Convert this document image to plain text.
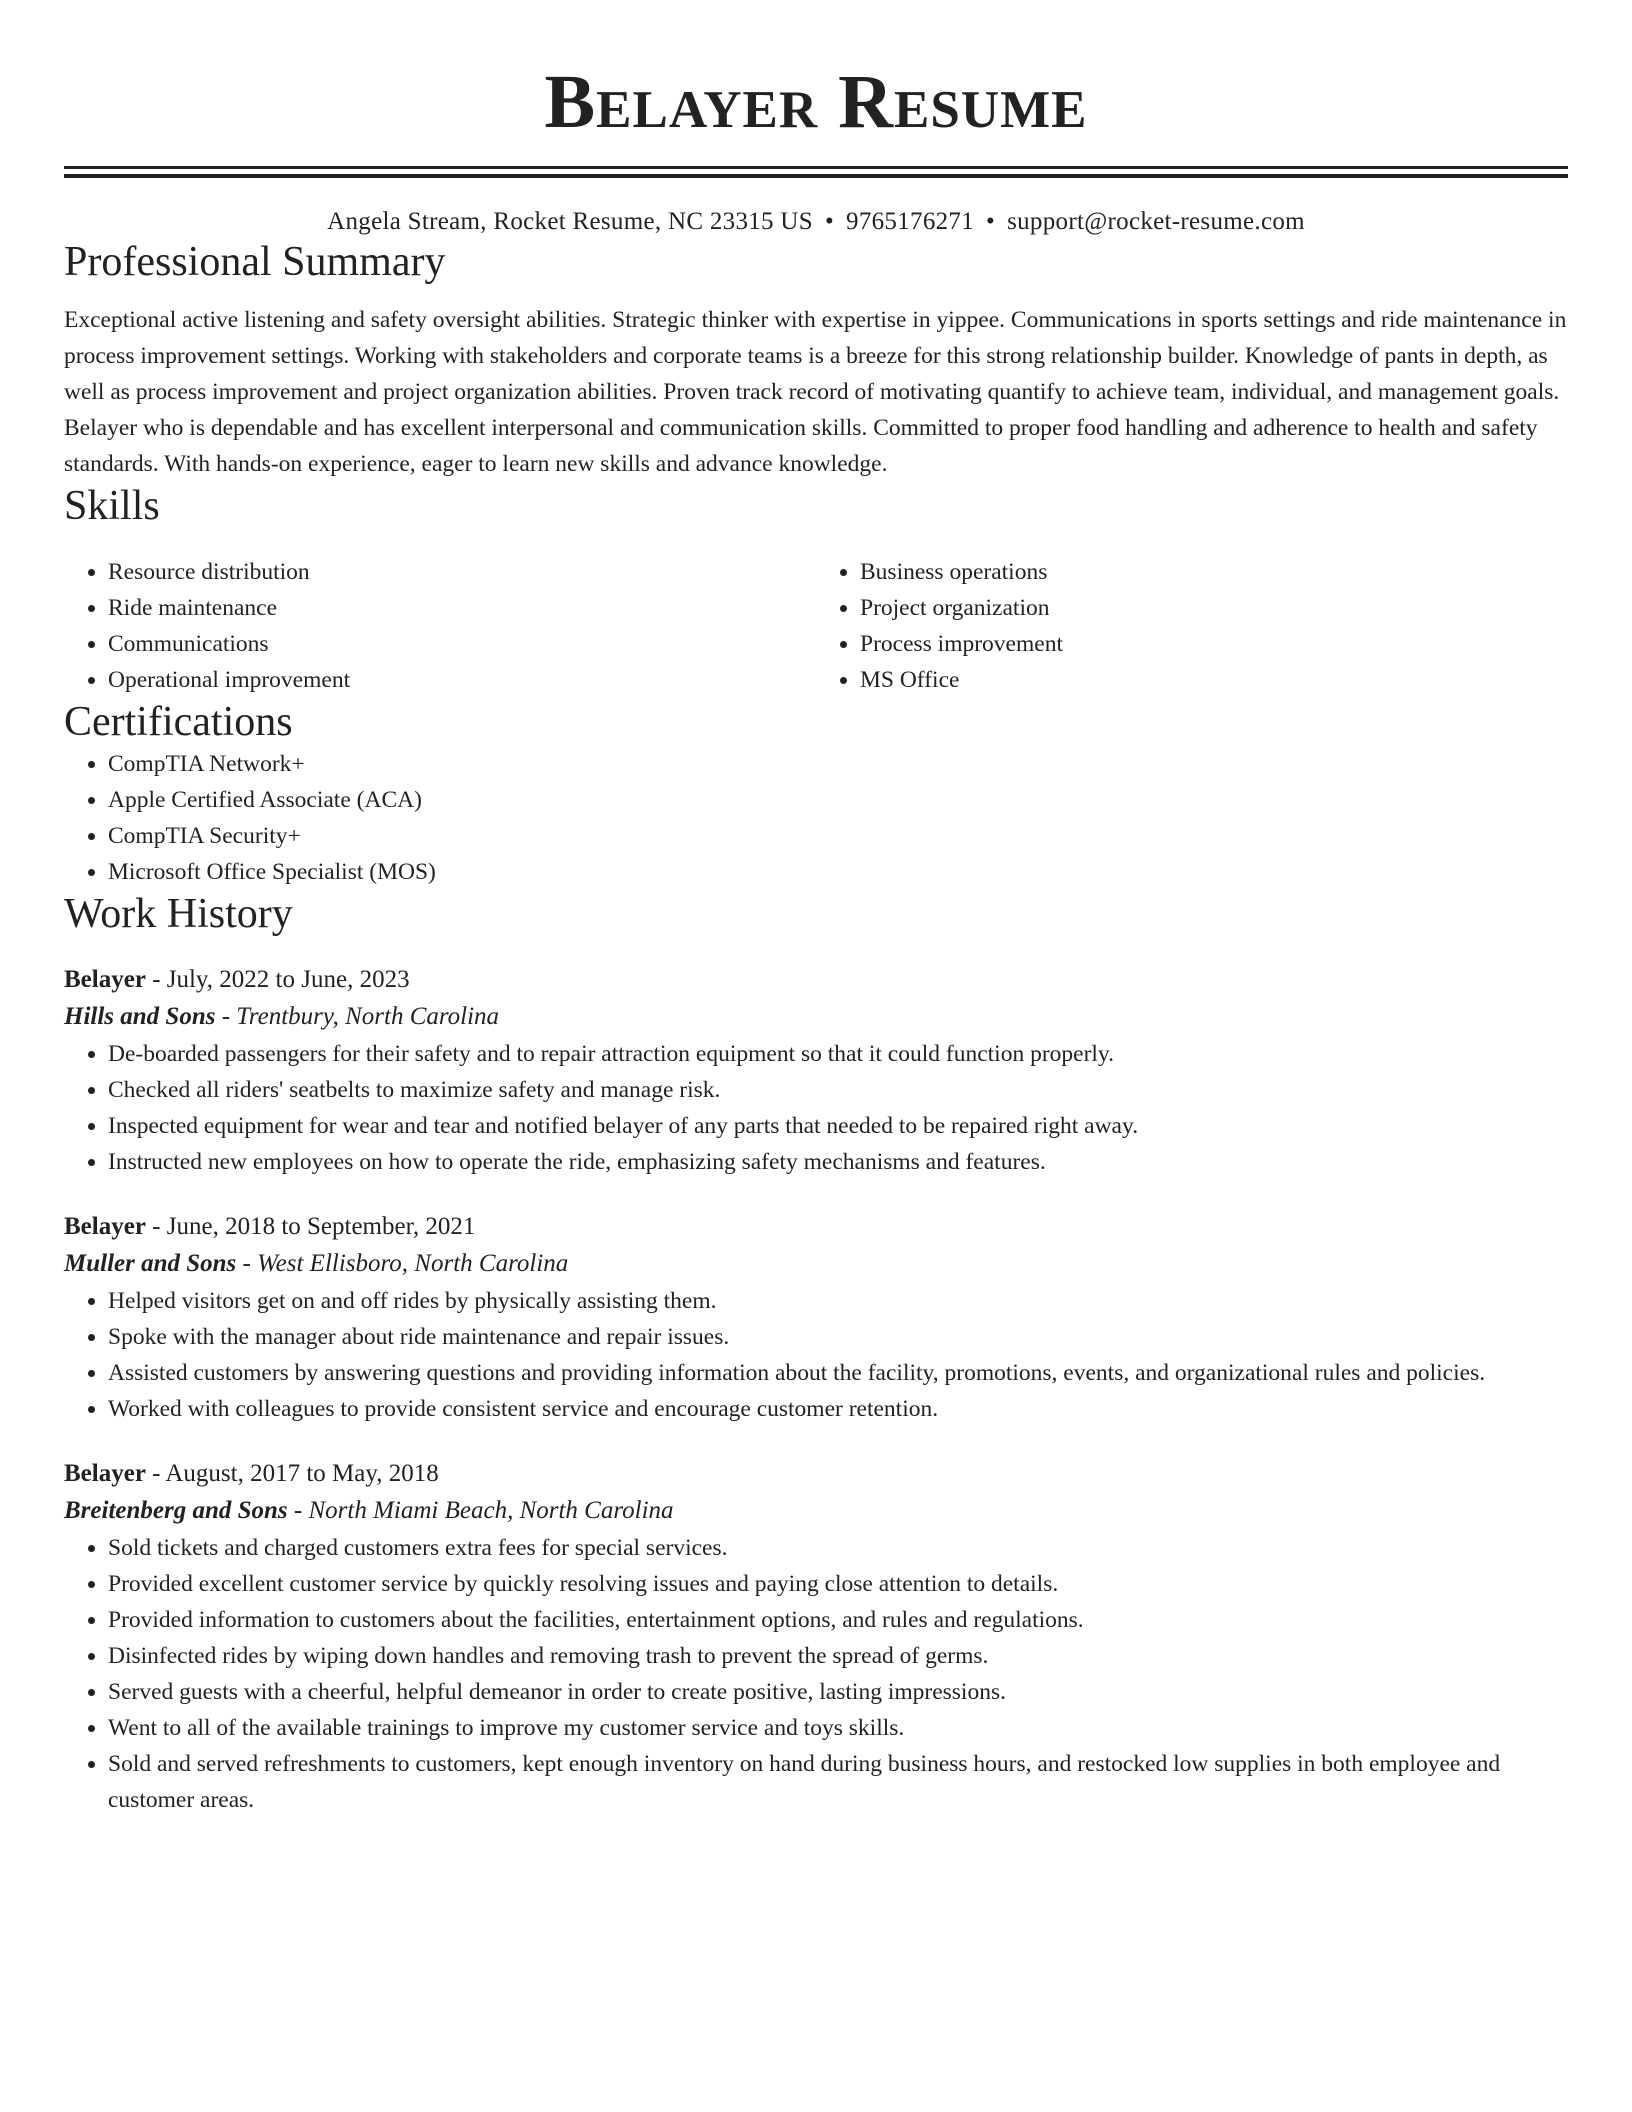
Belayer Resume
Angela Stream, Rocket Resume, NC 23315 US • 9765176271 • support@rocket-resume.com
Professional Summary
Exceptional active listening and safety oversight abilities. Strategic thinker with expertise in yippee. Communications in sports settings and ride maintenance in process improvement settings. Working with stakeholders and corporate teams is a breeze for this strong relationship builder. Knowledge of pants in depth, as well as process improvement and project organization abilities. Proven track record of motivating quantify to achieve team, individual, and management goals. Belayer who is dependable and has excellent interpersonal and communication skills. Committed to proper food handling and adherence to health and safety standards. With hands-on experience, eager to learn new skills and advance knowledge.
Skills
• Resource distribution
• Ride maintenance
• Communications
• Operational improvement
• Business operations
• Project organization
• Process improvement
• MS Office
Certifications
• CompTIA Network+
• Apple Certified Associate (ACA)
• CompTIA Security+
• Microsoft Office Specialist (MOS)
Work History
Belayer - July, 2022 to June, 2023
Hills and Sons - Trentbury, North Carolina
• De-boarded passengers for their safety and to repair attraction equipment so that it could function properly.
• Checked all riders' seatbelts to maximize safety and manage risk.
• Inspected equipment for wear and tear and notified belayer of any parts that needed to be repaired right away.
• Instructed new employees on how to operate the ride, emphasizing safety mechanisms and features.
Belayer - June, 2018 to September, 2021
Muller and Sons - West Ellisboro, North Carolina
• Helped visitors get on and off rides by physically assisting them.
• Spoke with the manager about ride maintenance and repair issues.
• Assisted customers by answering questions and providing information about the facility, promotions, events, and organizational rules and policies.
• Worked with colleagues to provide consistent service and encourage customer retention.
Belayer - August, 2017 to May, 2018
Breitenberg and Sons - North Miami Beach, North Carolina
• Sold tickets and charged customers extra fees for special services.
• Provided excellent customer service by quickly resolving issues and paying close attention to details.
• Provided information to customers about the facilities, entertainment options, and rules and regulations.
• Disinfected rides by wiping down handles and removing trash to prevent the spread of germs.
• Served guests with a cheerful, helpful demeanor in order to create positive, lasting impressions.
• Went to all of the available trainings to improve my customer service and toys skills.
• Sold and served refreshments to customers, kept enough inventory on hand during business hours, and restocked low supplies in both employee and customer areas.
